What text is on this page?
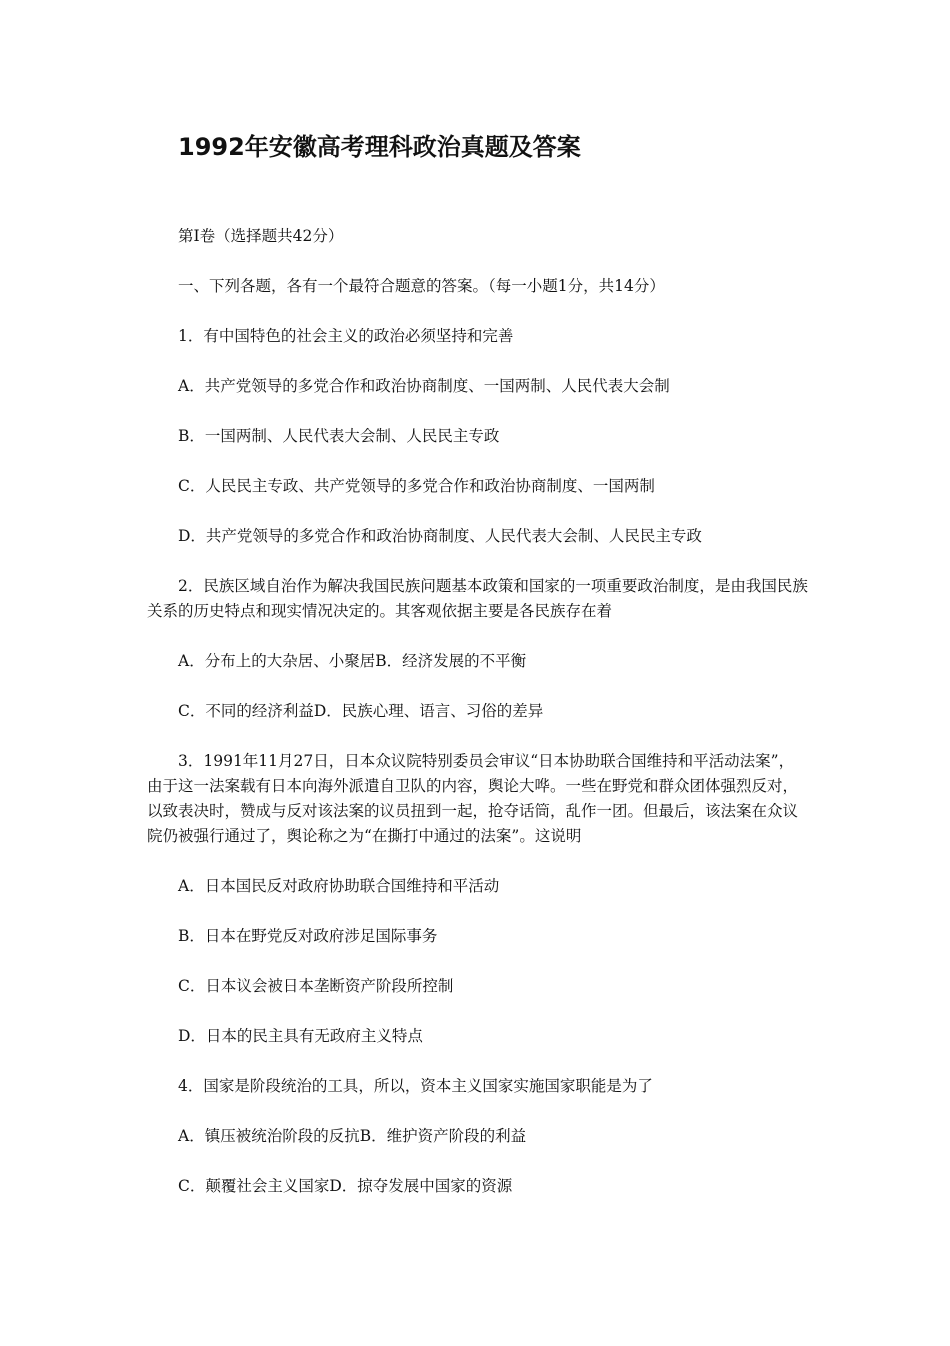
1992年安徽高考理科政治真题及答案
第I卷（选择题共42分）
一、下列各题，各有一个最符合题意的答案。（每一小题1分，共14分）
1．有中国特色的社会主义的政治必须坚持和完善
A．共产党领导的多党合作和政治协商制度、一国两制、人民代表大会制
B．一国两制、人民代表大会制、人民民主专政
C．人民民主专政、共产党领导的多党合作和政治协商制度、一国两制
D．共产党领导的多党合作和政治协商制度、人民代表大会制、人民民主专政
2．民族区域自治作为解决我国民族问题基本政策和国家的一项重要政治制度，是由我国民族关系的历史特点和现实情况决定的。其客观依据主要是各民族存在着
A．分布上的大杂居、小聚居B．经济发展的不平衡
C．不同的经济利益D．民族心理、语言、习俗的差异
3．1991年11月27日，日本众议院特别委员会审议“日本协助联合国维持和平活动法案”，由于这一法案载有日本向海外派遣自卫队的内容，舆论大哗。一些在野党和群众团体强烈反对，以致表决时，赞成与反对该法案的议员扭到一起，抢夺话筒，乱作一团。但最后，该法案在众议院仍被强行通过了，舆论称之为“在撕打中通过的法案”。这说明
A．日本国民反对政府协助联合国维持和平活动
B．日本在野党反对政府涉足国际事务
C．日本议会被日本垄断资产阶段所控制
D．日本的民主具有无政府主义特点
4．国家是阶段统治的工具，所以，资本主义国家实施国家职能是为了
A．镇压被统治阶段的反抗B．维护资产阶段的利益
C．颠覆社会主义国家D．掠夺发展中国家的资源
